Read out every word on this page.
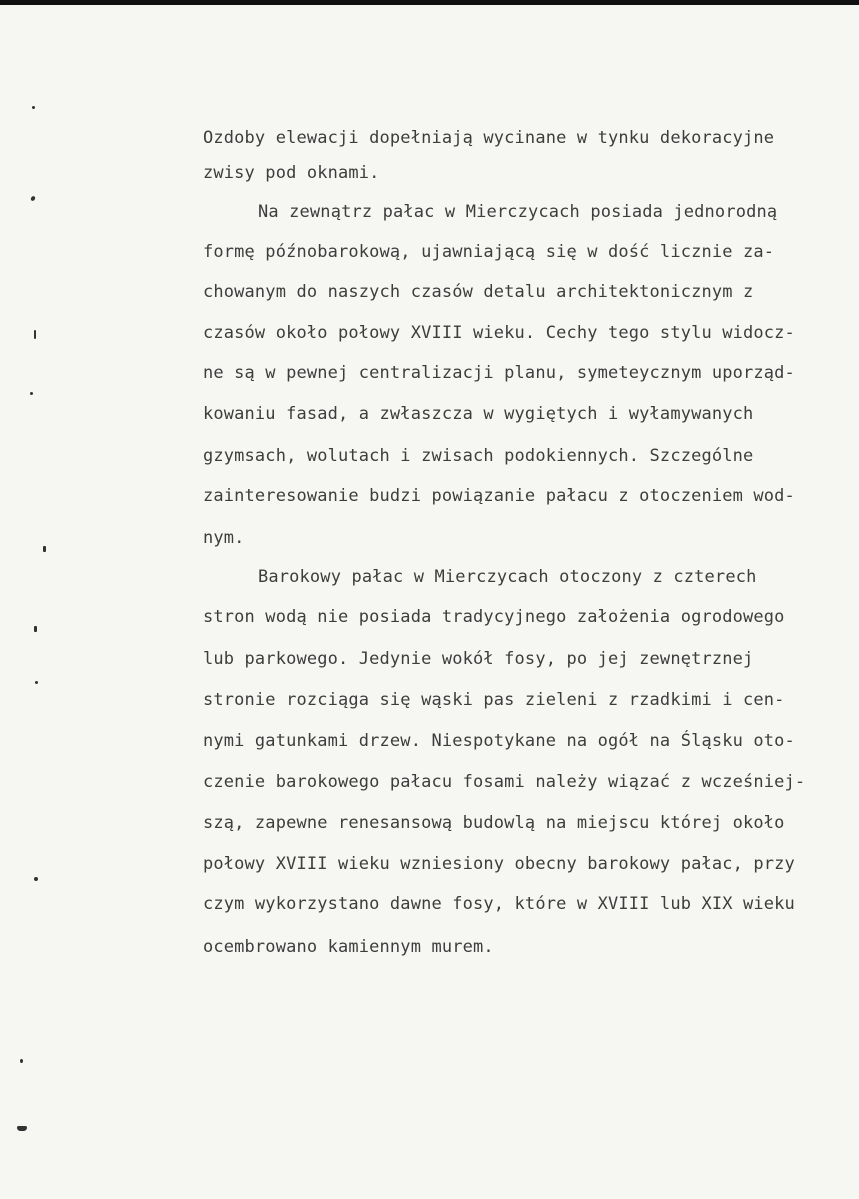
Ozdoby elewacji dopełniają wycinane w tynku dekoracyjne
zwisy pod oknami.
Na zewnątrz pałac w Mierczycach posiada jednorodną
formę późnobarokową, ujawniającą się w dość licznie za-
chowanym do naszych czasów detalu architektonicznym z
czasów około połowy XVIII wieku. Cechy tego stylu widocz-
ne są w pewnej centralizacji planu, symeteycznym uporząd-
kowaniu fasad, a zwłaszcza w wygiętych i wyłamywanych
gzymsach, wolutach i zwisach podokiennych. Szczególne
zainteresowanie budzi powiązanie pałacu z otoczeniem wod-
nym.
Barokowy pałac w Mierczycach otoczony z czterech
stron wodą nie posiada tradycyjnego założenia ogrodowego
lub parkowego. Jedynie wokół fosy, po jej zewnętrznej
stronie rozciąga się wąski pas zieleni z rzadkimi i cen-
nymi gatunkami drzew. Niespotykane na ogół na Śląsku oto-
czenie barokowego pałacu fosami należy wiązać z wcześniej-
szą, zapewne renesansową budowlą na miejscu której około
połowy XVIII wieku wzniesiony obecny barokowy pałac, przy
czym wykorzystano dawne fosy, które w XVIII lub XIX wieku
ocembrowano kamiennym murem.
